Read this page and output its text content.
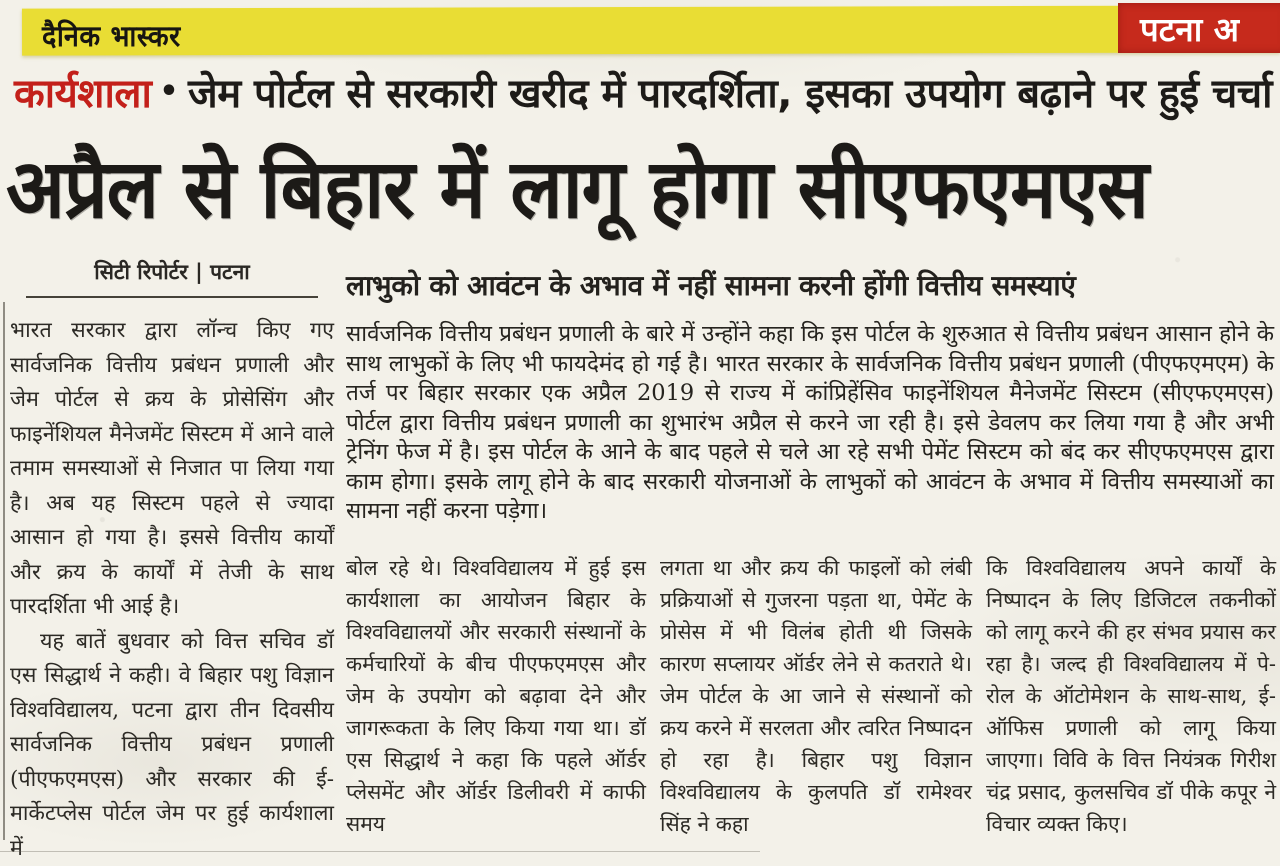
दैनिक भास्कर	पटना अ
कार्यशाला • जेम पोर्टल से सरकारी खरीद में पारदर्शिता, इसका उपयोग बढ़ाने पर हुई चर्चा
अप्रैल से बिहार में लागू होगा सीएफएमएस
सिटी रिपोर्टर | पटना

भारत सरकार द्वारा लॉन्च किए गए सार्वजनिक वित्तीय प्रबंधन प्रणाली और जेम पोर्टल से क्रय के प्रोसेसिंग और फाइनेंशियल मैनेजमेंट सिस्टम में आने वाले तमाम समस्याओं से निजात पा लिया गया है। अब यह सिस्टम पहले से ज्यादा आसान हो गया है। इससे वित्तीय कार्यों और क्रय के कार्यों में तेजी के साथ पारदर्शिता भी आई है।

यह बातें बुधवार को वित्त सचिव डॉ एस सिद्धार्थ ने कही। वे बिहार पशु विज्ञान विश्वविद्यालय, पटना द्वारा तीन दिवसीय सार्वजनिक वित्तीय प्रबंधन प्रणाली (पीएफएमएस) और सरकार की ई-मार्केटप्लेस पोर्टल जेम पर हुई कार्यशाला में

लाभुको को आवंटन के अभाव में नहीं सामना करनी होंगी वित्तीय समस्याएं
सार्वजनिक वित्तीय प्रबंधन प्रणाली के बारे में उन्होंने कहा कि इस पोर्टल के शुरुआत से वित्तीय प्रबंधन आसान होने के साथ लाभुकों के लिए भी फायदेमंद हो गई है। भारत सरकार के सार्वजनिक वित्तीय प्रबंधन प्रणाली (पीएफएमएम) के तर्ज पर बिहार सरकार एक अप्रैल 2019 से राज्य में कांप्रिहेंसिव फाइनेंशियल मैनेजमेंट सिस्टम (सीएफएमएस) पोर्टल द्वारा वित्तीय प्रबंधन प्रणाली का शुभारंभ अप्रैल से करने जा रही है। इसे डेवलप कर लिया गया है और अभी ट्रेनिंग फेज में है। इस पोर्टल के आने के बाद पहले से चले आ रहे सभी पेमेंट सिस्टम को बंद कर सीएफएमएस द्वारा काम होगा। इसके लागू होने के बाद सरकारी योजनाओं के लाभुकों को आवंटन के अभाव में वित्तीय समस्याओं का सामना नहीं करना पड़ेगा।

बोल रहे थे। विश्वविद्यालय में हुई इस कार्यशाला का आयोजन बिहार के विश्वविद्यालयों और सरकारी संस्थानों के कर्मचारियों के बीच पीएफएमएस और जेम के उपयोग को बढ़ावा देने और जागरूकता के लिए किया गया था। डॉ एस सिद्धार्थ ने कहा कि पहले ऑर्डर प्लेसमेंट और ऑर्डर डिलीवरी में काफी समय

लगता था और क्रय की फाइलों को लंबी प्रक्रियाओं से गुजरना पड़ता था, पेमेंट के प्रोसेस में भी विलंब होती थी जिसके कारण सप्लायर ऑर्डर लेने से कतराते थे। जेम पोर्टल के आ जाने से संस्थानों को क्रय करने में सरलता और त्वरित निष्पादन हो रहा है। बिहार पशु विज्ञान विश्वविद्यालय के कुलपति डॉ रामेश्वर सिंह ने कहा

कि विश्वविद्यालय अपने कार्यों के निष्पादन के लिए डिजिटल तकनीकों को लागू करने की हर संभव प्रयास कर रहा है। जल्द ही विश्वविद्यालय में पे-रोल के ऑटोमेशन के साथ-साथ, ई-ऑफिस प्रणाली को लागू किया जाएगा। विवि के वित्त नियंत्रक गिरीश चंद्र प्रसाद, कुलसचिव डॉ पीके कपूर ने विचार व्यक्त किए।
